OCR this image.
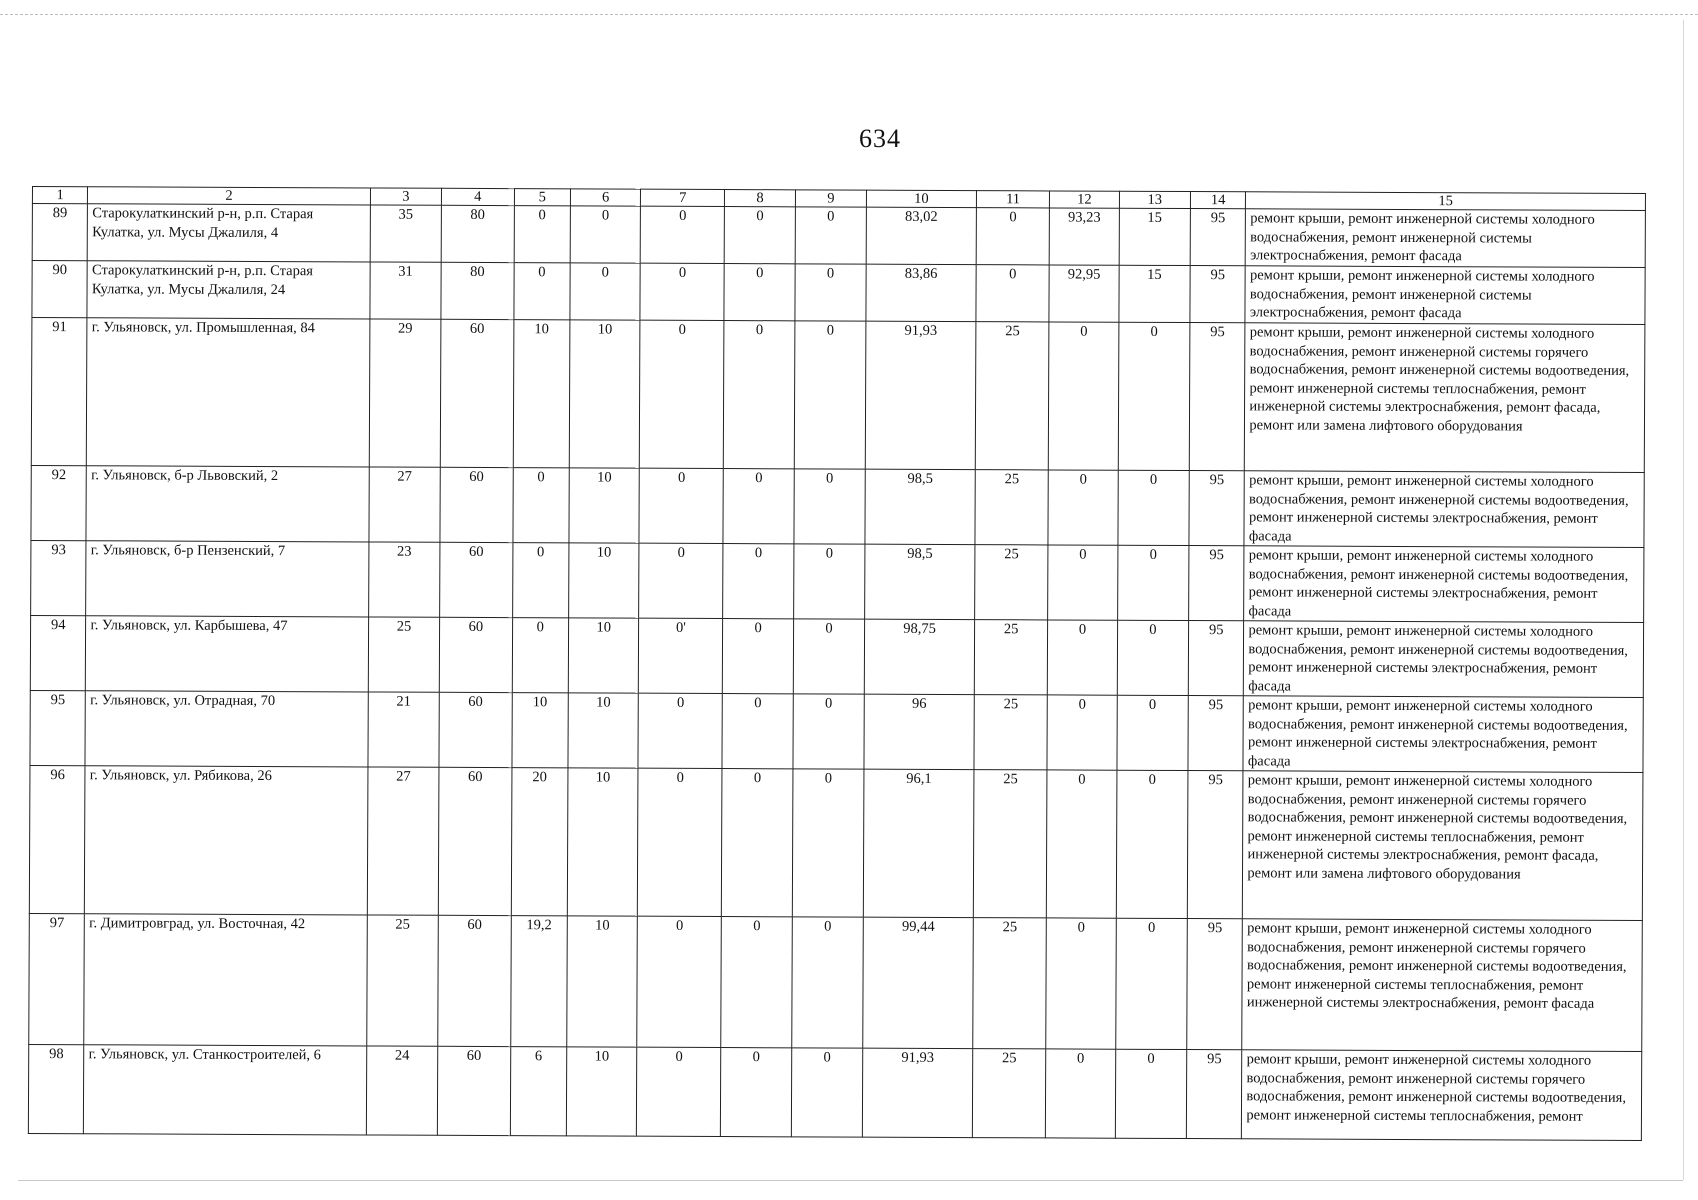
634
1	2	3	4	5	6	7	8	9	10	11	12	13	14	15
89	Старокулаткинский р-н, р.п. Старая Кулатка, ул. Мусы Джалиля, 4	35	80	0	0	0	0	0	83,02	0	93,23	15	95	ремонт крыши, ремонт инженерной системы холодного водоснабжения, ремонт инженерной системы электроснабжения, ремонт фасада
90	Старокулаткинский р-н, р.п. Старая Кулатка, ул. Мусы Джалиля, 24	31	80	0	0	0	0	0	83,86	0	92,95	15	95	ремонт крыши, ремонт инженерной системы холодного водоснабжения, ремонт инженерной системы электроснабжения, ремонт фасада
91	г. Ульяновск, ул. Промышленная, 84	29	60	10	10	0	0	0	91,93	25	0	0	95	ремонт крыши, ремонт инженерной системы холодного водоснабжения, ремонт инженерной системы горячего водоснабжения, ремонт инженерной системы водоотведения, ремонт инженерной системы теплоснабжения, ремонт инженерной системы электроснабжения, ремонт фасада, ремонт или замена лифтового оборудования
92	г. Ульяновск, б-р Львовский, 2	27	60	0	10	0	0	0	98,5	25	0	0	95	ремонт крыши, ремонт инженерной системы холодного водоснабжения, ремонт инженерной системы водоотведения, ремонт инженерной системы электроснабжения, ремонт фасада
93	г. Ульяновск, б-р Пензенский, 7	23	60	0	10	0	0	0	98,5	25	0	0	95	ремонт крыши, ремонт инженерной системы холодного водоснабжения, ремонт инженерной системы водоотведения, ремонт инженерной системы электроснабжения, ремонт фасада
94	г. Ульяновск, ул. Карбышева, 47	25	60	0	10	0'	0	0	98,75	25	0	0	95	ремонт крыши, ремонт инженерной системы холодного водоснабжения, ремонт инженерной системы водоотведения, ремонт инженерной системы электроснабжения, ремонт фасада
95	г. Ульяновск, ул. Отрадная, 70	21	60	10	10	0	0	0	96	25	0	0	95	ремонт крыши, ремонт инженерной системы холодного водоснабжения, ремонт инженерной системы водоотведения, ремонт инженерной системы электроснабжения, ремонт фасада
96	г. Ульяновск, ул. Рябикова, 26	27	60	20	10	0	0	0	96,1	25	0	0	95	ремонт крыши, ремонт инженерной системы холодного водоснабжения, ремонт инженерной системы горячего водоснабжения, ремонт инженерной системы водоотведения, ремонт инженерной системы теплоснабжения, ремонт инженерной системы электроснабжения, ремонт фасада, ремонт или замена лифтового оборудования
97	г. Димитровград, ул. Восточная, 42	25	60	19,2	10	0	0	0	99,44	25	0	0	95	ремонт крыши, ремонт инженерной системы холодного водоснабжения, ремонт инженерной системы горячего водоснабжения, ремонт инженерной системы водоотведения, ремонт инженерной системы теплоснабжения, ремонт инженерной системы электроснабжения, ремонт фасада
98	г. Ульяновск, ул. Станкостроителей, 6	24	60	6	10	0	0	0	91,93	25	0	0	95	ремонт крыши, ремонт инженерной системы холодного водоснабжения, ремонт инженерной системы горячего водоснабжения, ремонт инженерной системы водоотведения, ремонт инженерной системы теплоснабжения, ремонт
